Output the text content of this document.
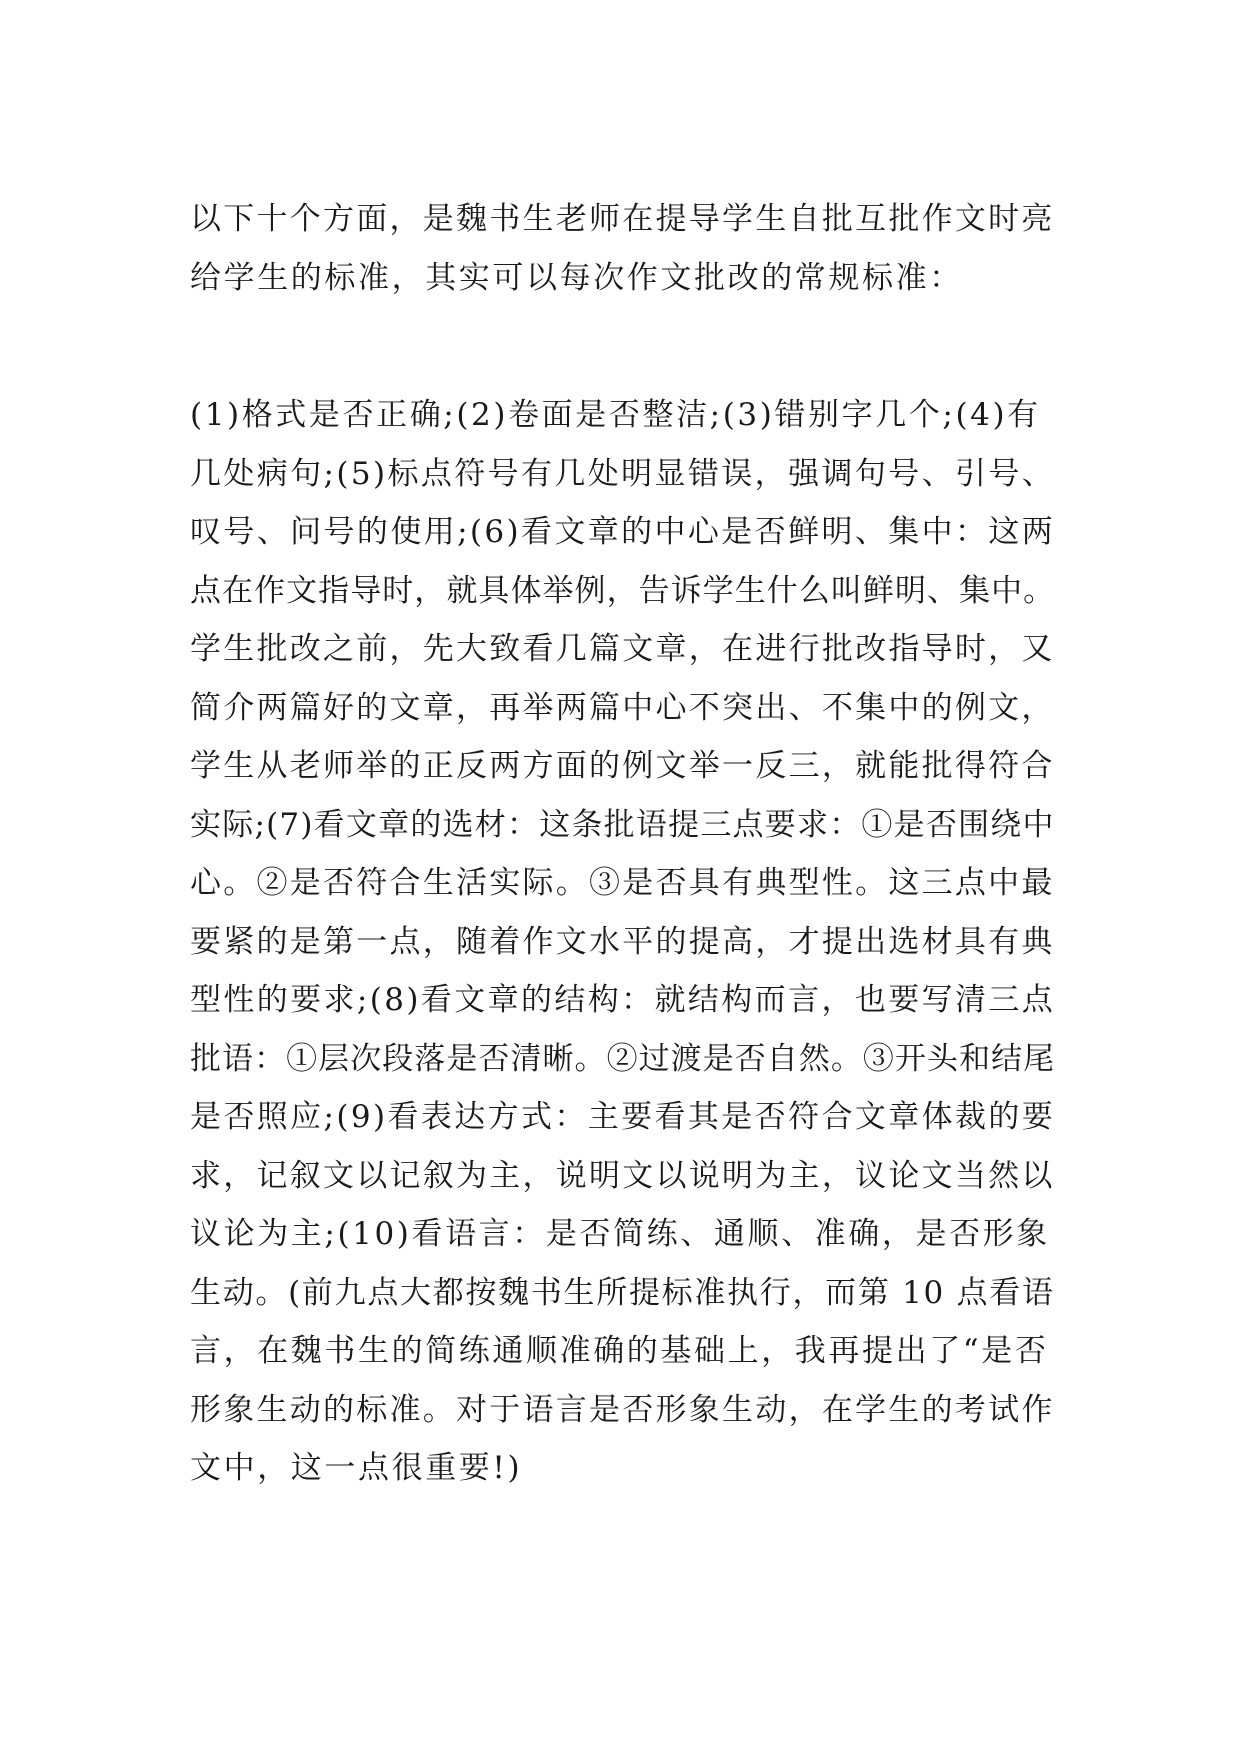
以下十个方面，是魏书生老师在提导学生自批互批作文时亮
给学生的标准，其实可以每次作文批改的常规标准：
(1)格式是否正确;(2)卷面是否整洁;(3)错别字几个;(4)有
几处病句;(5)标点符号有几处明显错误，强调句号、引号、
叹号、问号的使用;(6)看文章的中心是否鲜明、集中：这两
点在作文指导时，就具体举例，告诉学生什么叫鲜明、集中。
学生批改之前，先大致看几篇文章，在进行批改指导时，又
简介两篇好的文章，再举两篇中心不突出、不集中的例文，
学生从老师举的正反两方面的例文举一反三，就能批得符合
实际;(7)看文章的选材：这条批语提三点要求：①是否围绕中
心。②是否符合生活实际。③是否具有典型性。这三点中最
要紧的是第一点，随着作文水平的提高，才提出选材具有典
型性的要求;(8)看文章的结构：就结构而言，也要写清三点
批语：①层次段落是否清晰。②过渡是否自然。③开头和结尾
是否照应;(9)看表达方式：主要看其是否符合文章体裁的要
求，记叙文以记叙为主，说明文以说明为主，议论文当然以
议论为主;(10)看语言：是否简练、通顺、准确，是否形象
生动。(前九点大都按魏书生所提标准执行，而第 10 点看语
言，在魏书生的简练通顺准确的基础上，我再提出了“是否
形象生动的标准。对于语言是否形象生动，在学生的考试作
文中，这一点很重要!)
